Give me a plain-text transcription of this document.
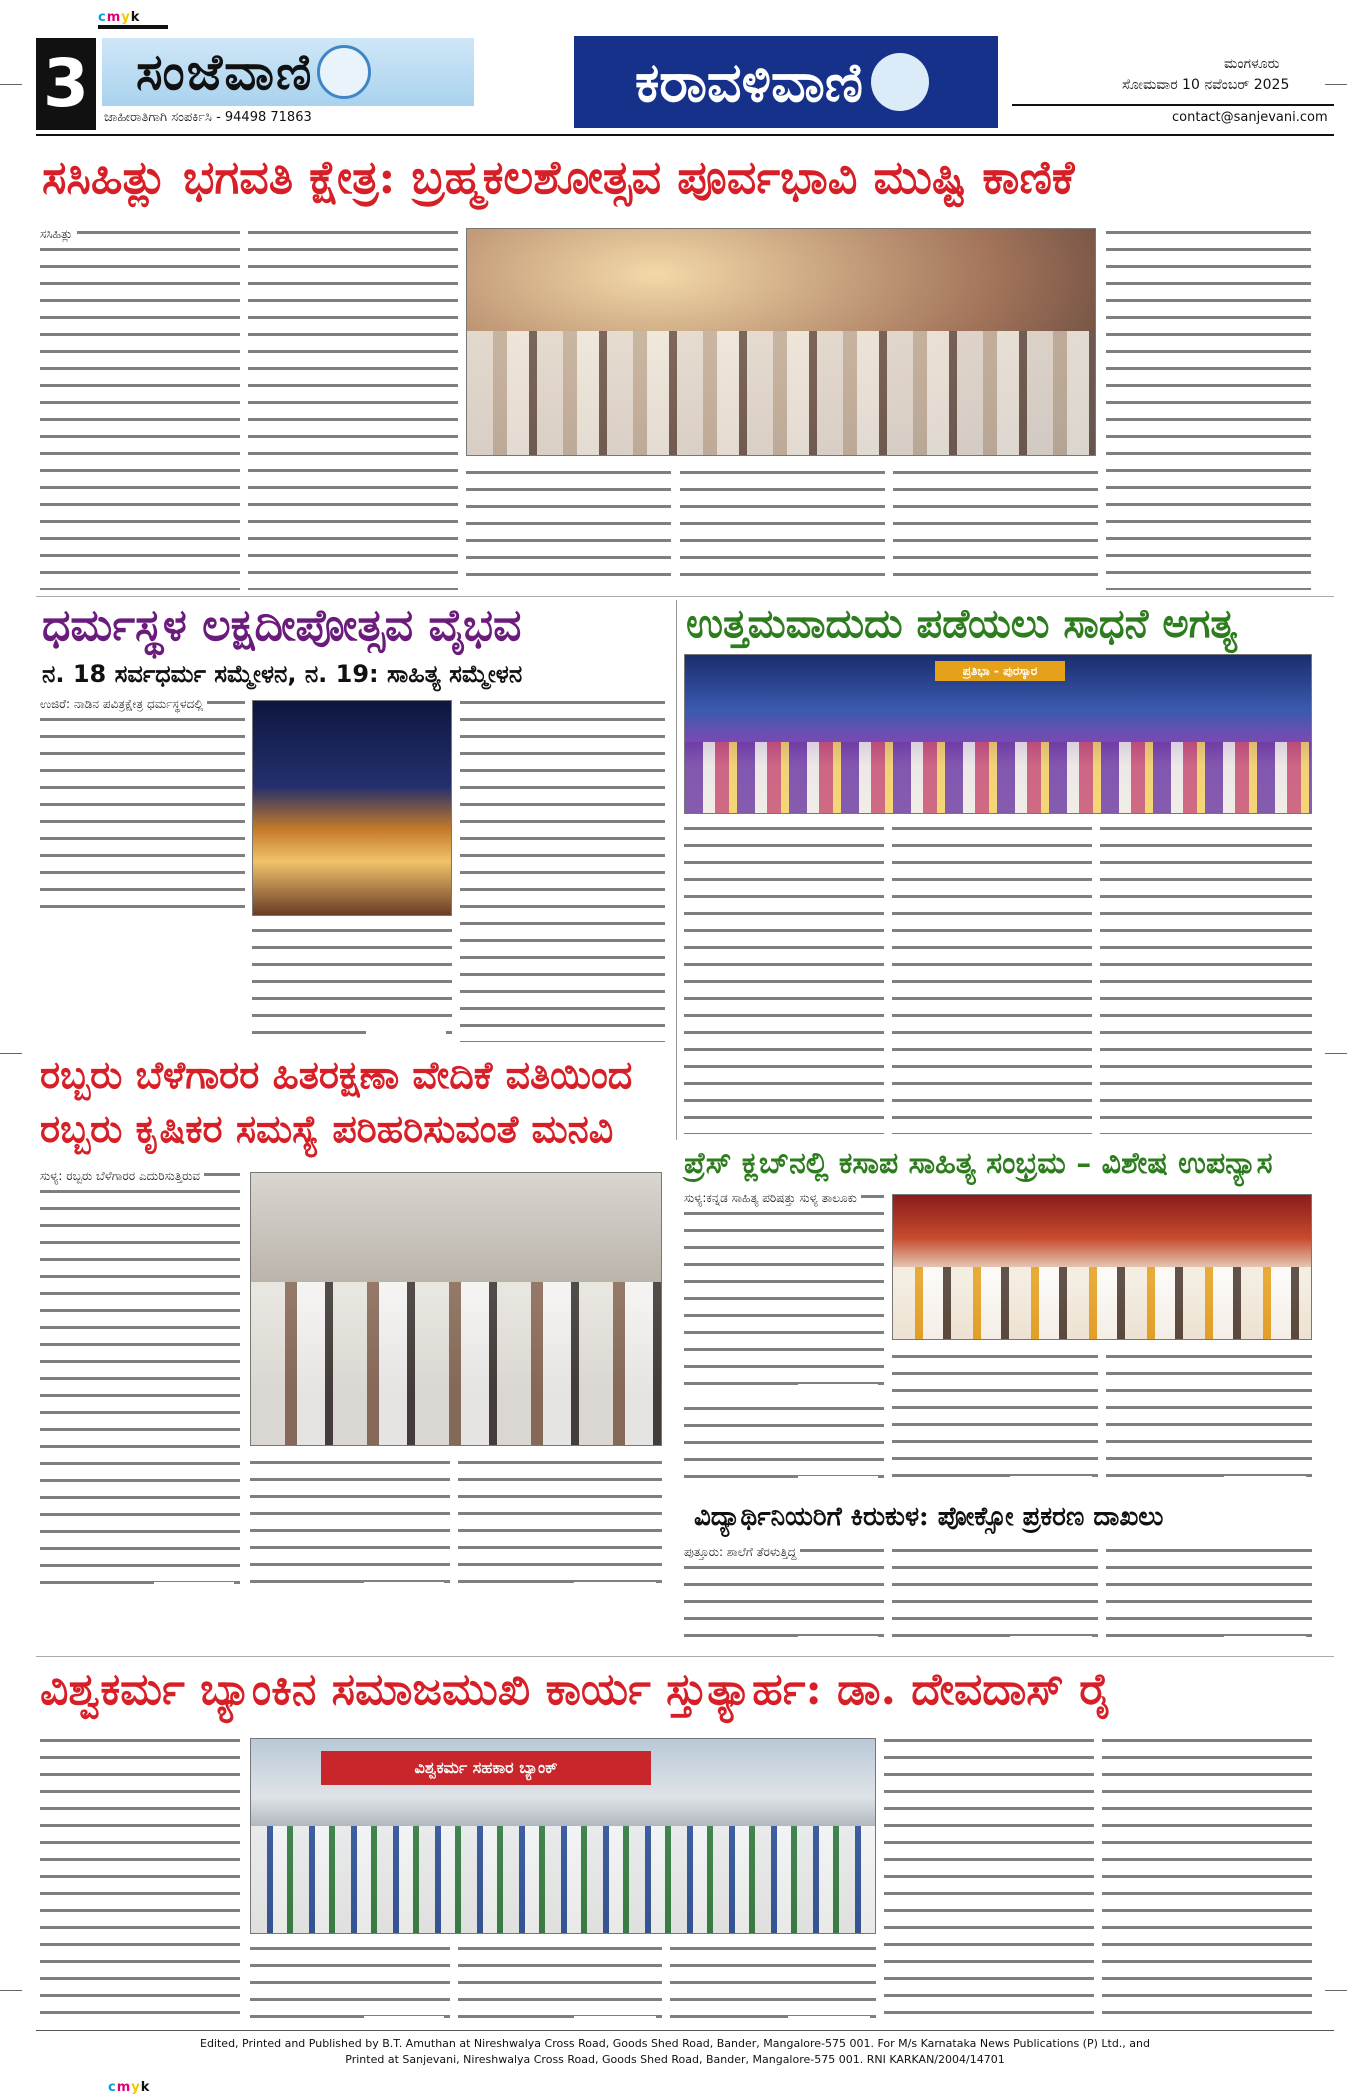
cmyk
cmyk
3 ಸಂಜೆವಾಣಿ
ಜಾಹೀರಾತಿಗಾಗಿ ಸಂಪರ್ಕಿಸಿ - 94498 71863
ಕರಾವಳಿವಾಣಿ	ಮಂಗಳೂರು
ಸೋಮವಾರ 10 ನವೆಂಬರ್ 2025
contact@sanjevani.com
ಸಸಿಹಿತ್ಲು ಭಗವತಿ ಕ್ಷೇತ್ರ: ಬ್ರಹ್ಮಕಲಶೋತ್ಸವ ಪೂರ್ವಭಾವಿ ಮುಷ್ಟಿ ಕಾಣಿಕೆ
ಸಸಿಹಿತ್ಲು
ಧರ್ಮಸ್ಥಳ ಲಕ್ಷದೀಪೋತ್ಸವ ವೈಭವ
ನ. 18 ಸರ್ವಧರ್ಮ ಸಮ್ಮೇಳನ, ನ. 19: ಸಾಹಿತ್ಯ ಸಮ್ಮೇಳನ
ಉಜಿರೆ: ನಾಡಿನ ಪವಿತ್ರಕ್ಷೇತ್ರ ಧರ್ಮಸ್ಥಳದಲ್ಲಿ
ಉತ್ತಮವಾದುದು ಪಡೆಯಲು ಸಾಧನೆ ಅಗತ್ಯ
ಪ್ರತಿಭಾ - ಪುರಸ್ಕಾರ
ರಬ್ಬರು ಬೆಳೆಗಾರರ ಹಿತರಕ್ಷಣಾ ವೇದಿಕೆ ವತಿಯಿಂದ
ರಬ್ಬರು ಕೃಷಿಕರ ಸಮಸ್ಯೆ ಪರಿಹರಿಸುವಂತೆ ಮನವಿ
ಸುಳ್ಯ: ರಬ್ಬರು ಬೆಳೆಗಾರರ ಎದುರಿಸುತ್ತಿರುವ	ಪ್ರೆಸ್ ಕ್ಲಬ್‌ನಲ್ಲಿ ಕಸಾಪ ಸಾಹಿತ್ಯ ಸಂಭ್ರಮ – ವಿಶೇಷ ಉಪನ್ಯಾಸ
ಸುಳ್ಯ:ಕನ್ನಡ ಸಾಹಿತ್ಯ ಪರಿಷತ್ತು ಸುಳ್ಯ ತಾಲೂಕು
ವಿದ್ಯಾರ್ಥಿನಿಯರಿಗೆ ಕಿರುಕುಳ: ಪೋಕ್ಸೋ ಪ್ರಕರಣ ದಾಖಲು
ಪುತ್ತೂರು: ಶಾಲೆಗೆ ತೆರಳುತ್ತಿದ್ದ
ವಿಶ್ವಕರ್ಮ ಬ್ಯಾಂಕಿನ ಸಮಾಜಮುಖಿ ಕಾರ್ಯ ಸ್ತುತ್ಯಾರ್ಹ: ಡಾ. ದೇವದಾಸ್ ರೈ
ವಿಶ್ವಕರ್ಮ ಸಹಕಾರ ಬ್ಯಾಂಕ್
Edited, Printed and Published by B.T. Amuthan at Nireshwalya Cross Road, Goods Shed Road, Bander, Mangalore-575 001. For M/s Karnataka News Publications (P) Ltd., and
Printed at Sanjevani, Nireshwalya Cross Road, Goods Shed Road, Bander, Mangalore-575 001. RNI KARKAN/2004/14701
